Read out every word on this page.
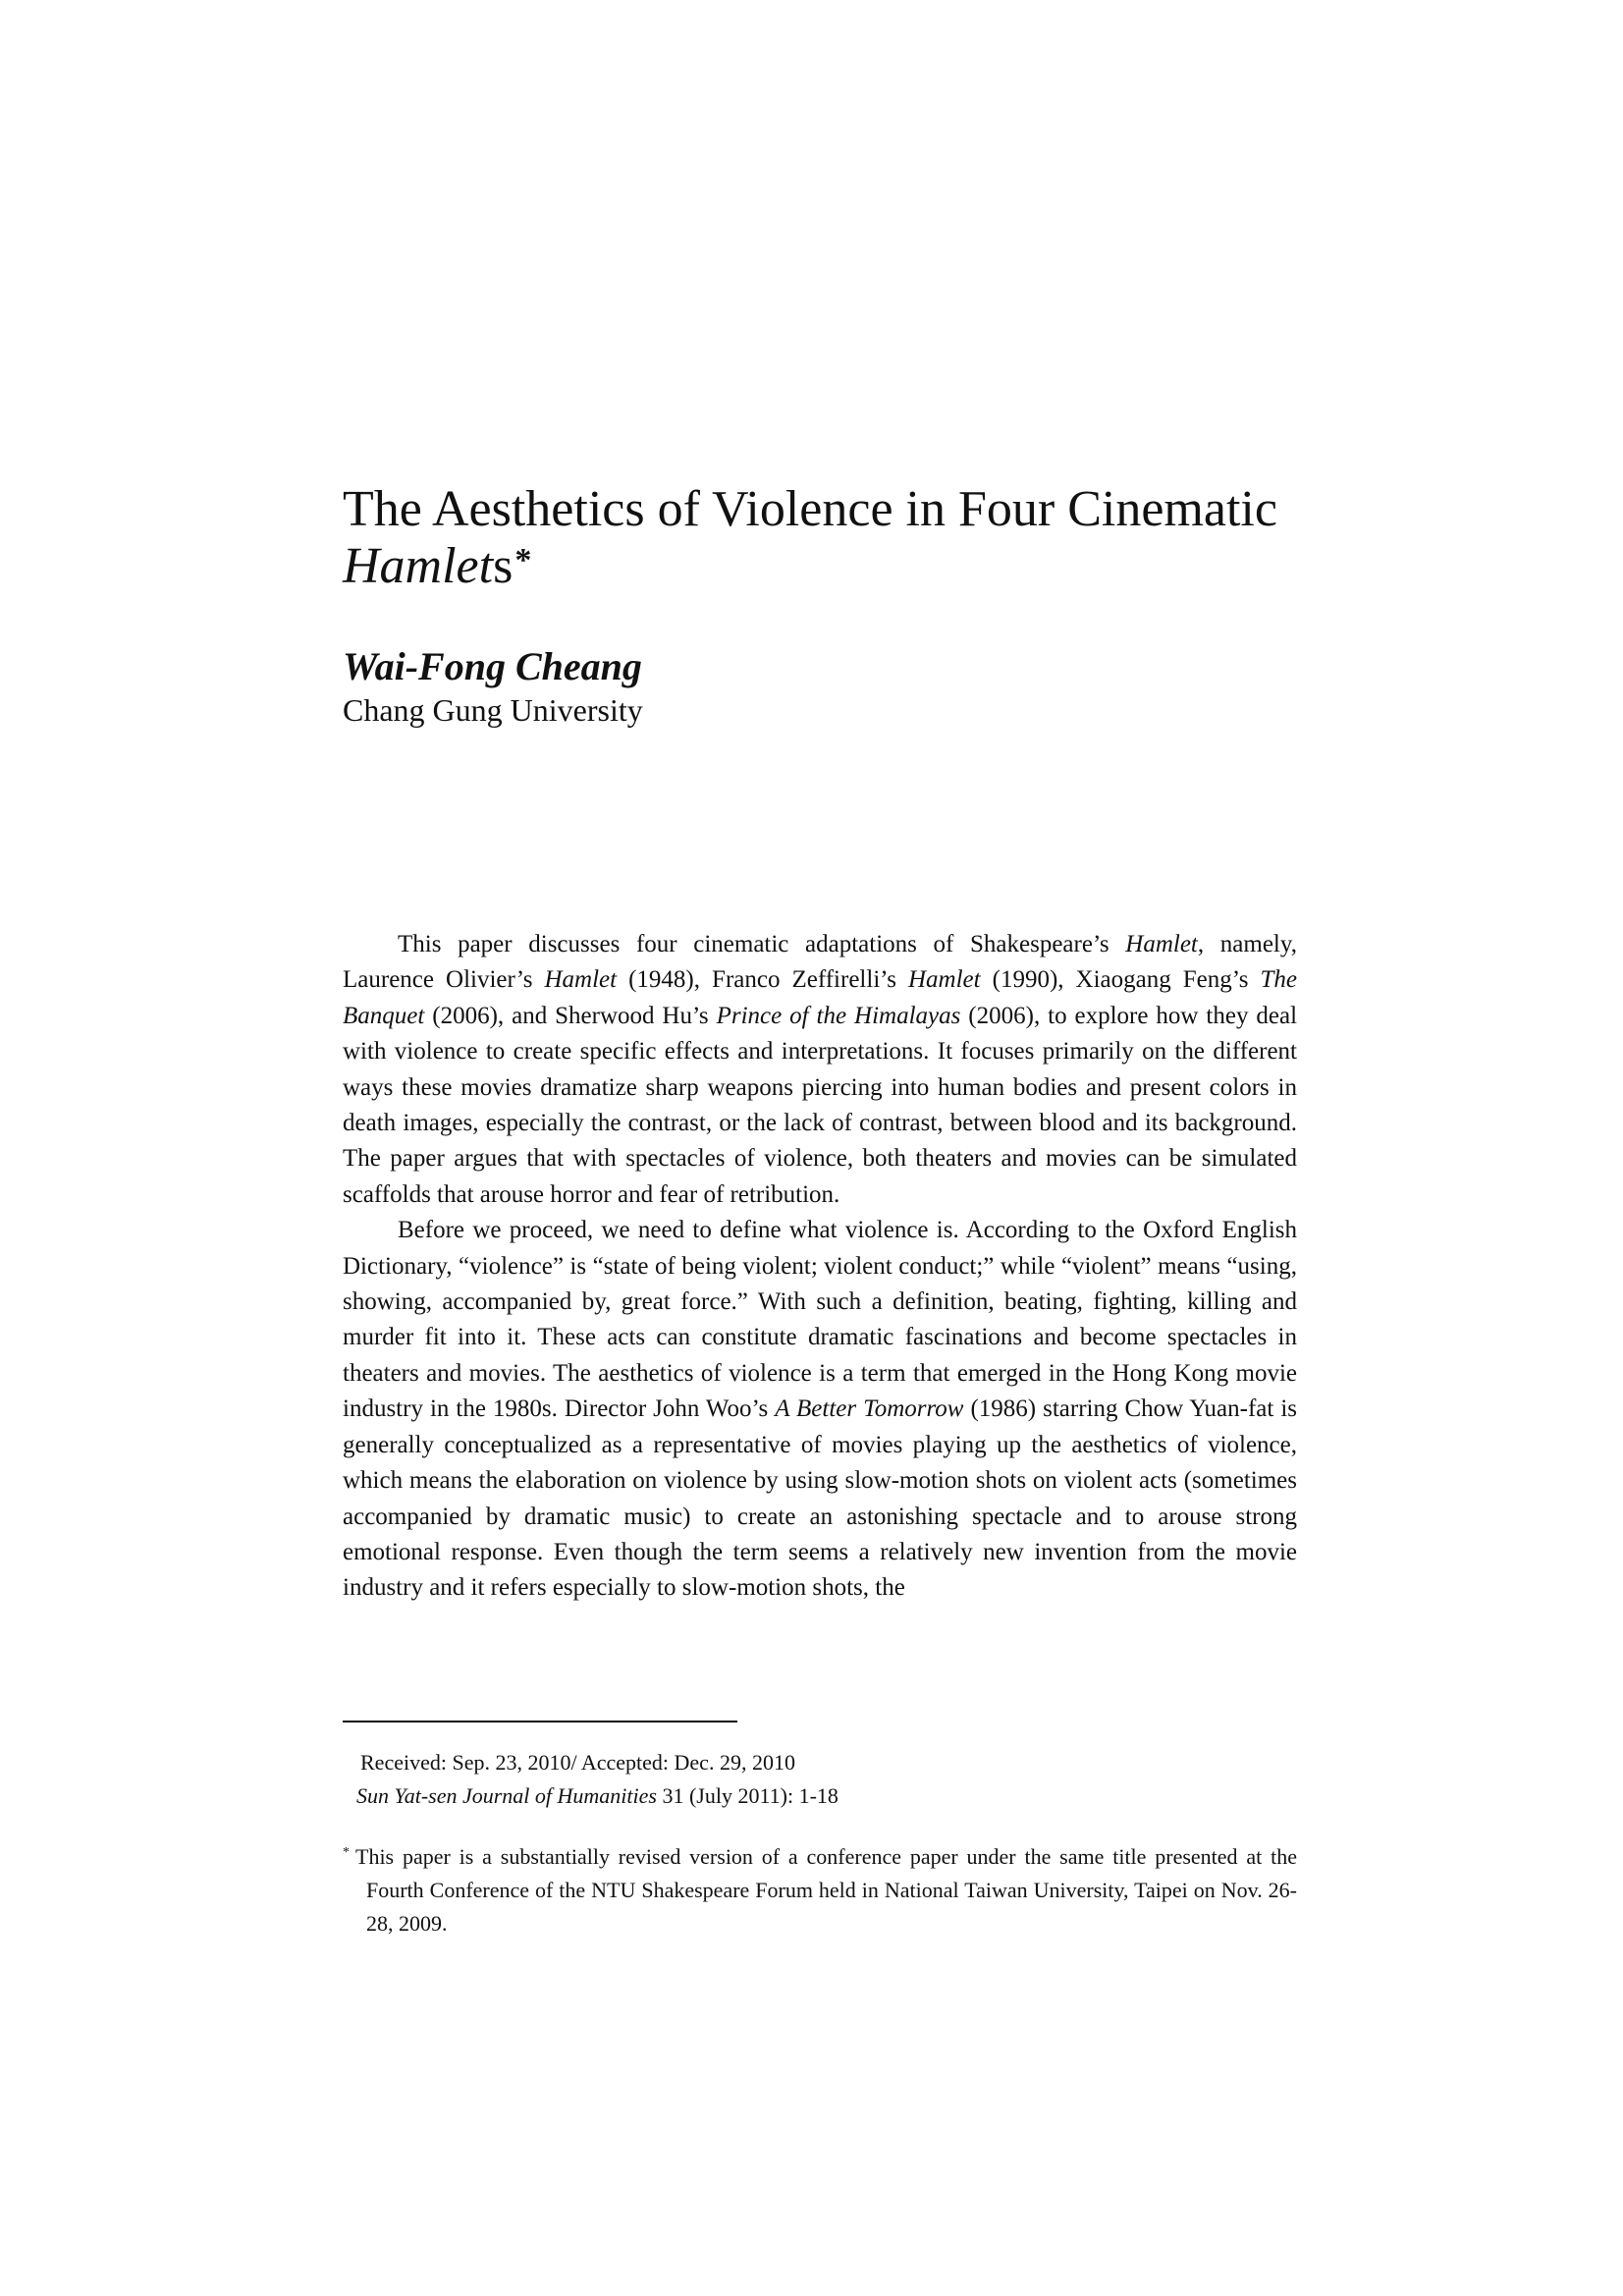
The Aesthetics of Violence in Four Cinematic
Hamlets*
Wai-Fong Cheang
Chang Gung University

This paper discusses four cinematic adaptations of Shakespeare’s Hamlet, namely, Laurence Olivier’s Hamlet (1948), Franco Zeffirelli’s Hamlet (1990), Xiaogang Feng’s The Banquet (2006), and Sherwood Hu’s Prince of the Himalayas (2006), to explore how they deal with violence to create specific effects and interpretations. It focuses primarily on the different ways these movies dramatize sharp weapons piercing into human bodies and present colors in death images, especially the contrast, or the lack of contrast, between blood and its background. The paper argues that with spectacles of violence, both theaters and movies can be simulated scaffolds that arouse horror and fear of retribution.

Before we proceed, we need to define what violence is. According to the Oxford English Dictionary, “violence” is “state of being violent; violent conduct;” while “violent” means “using, showing, accompanied by, great force.” With such a definition, beating, fighting, killing and murder fit into it. These acts can constitute dramatic fascinations and become spectacles in theaters and movies. The aesthetics of violence is a term that emerged in the Hong Kong movie industry in the 1980s. Director John Woo’s A Better Tomorrow (1986) starring Chow Yuan-fat is generally conceptualized as a representative of movies playing up the aesthetics of violence, which means the elaboration on violence by using slow-motion shots on violent acts (sometimes accompanied by dramatic music) to create an astonishing spectacle and to arouse strong emotional response. Even though the term seems a relatively new invention from the movie industry and it refers especially to slow-motion shots, the

Received: Sep. 23, 2010/ Accepted: Dec. 29, 2010
Sun Yat-sen Journal of Humanities 31 (July 2011): 1-18
* This paper is a substantially revised version of a conference paper under the same title presented at the Fourth Conference of the NTU Shakespeare Forum held in National Taiwan University, Taipei on Nov. 26-28, 2009.
